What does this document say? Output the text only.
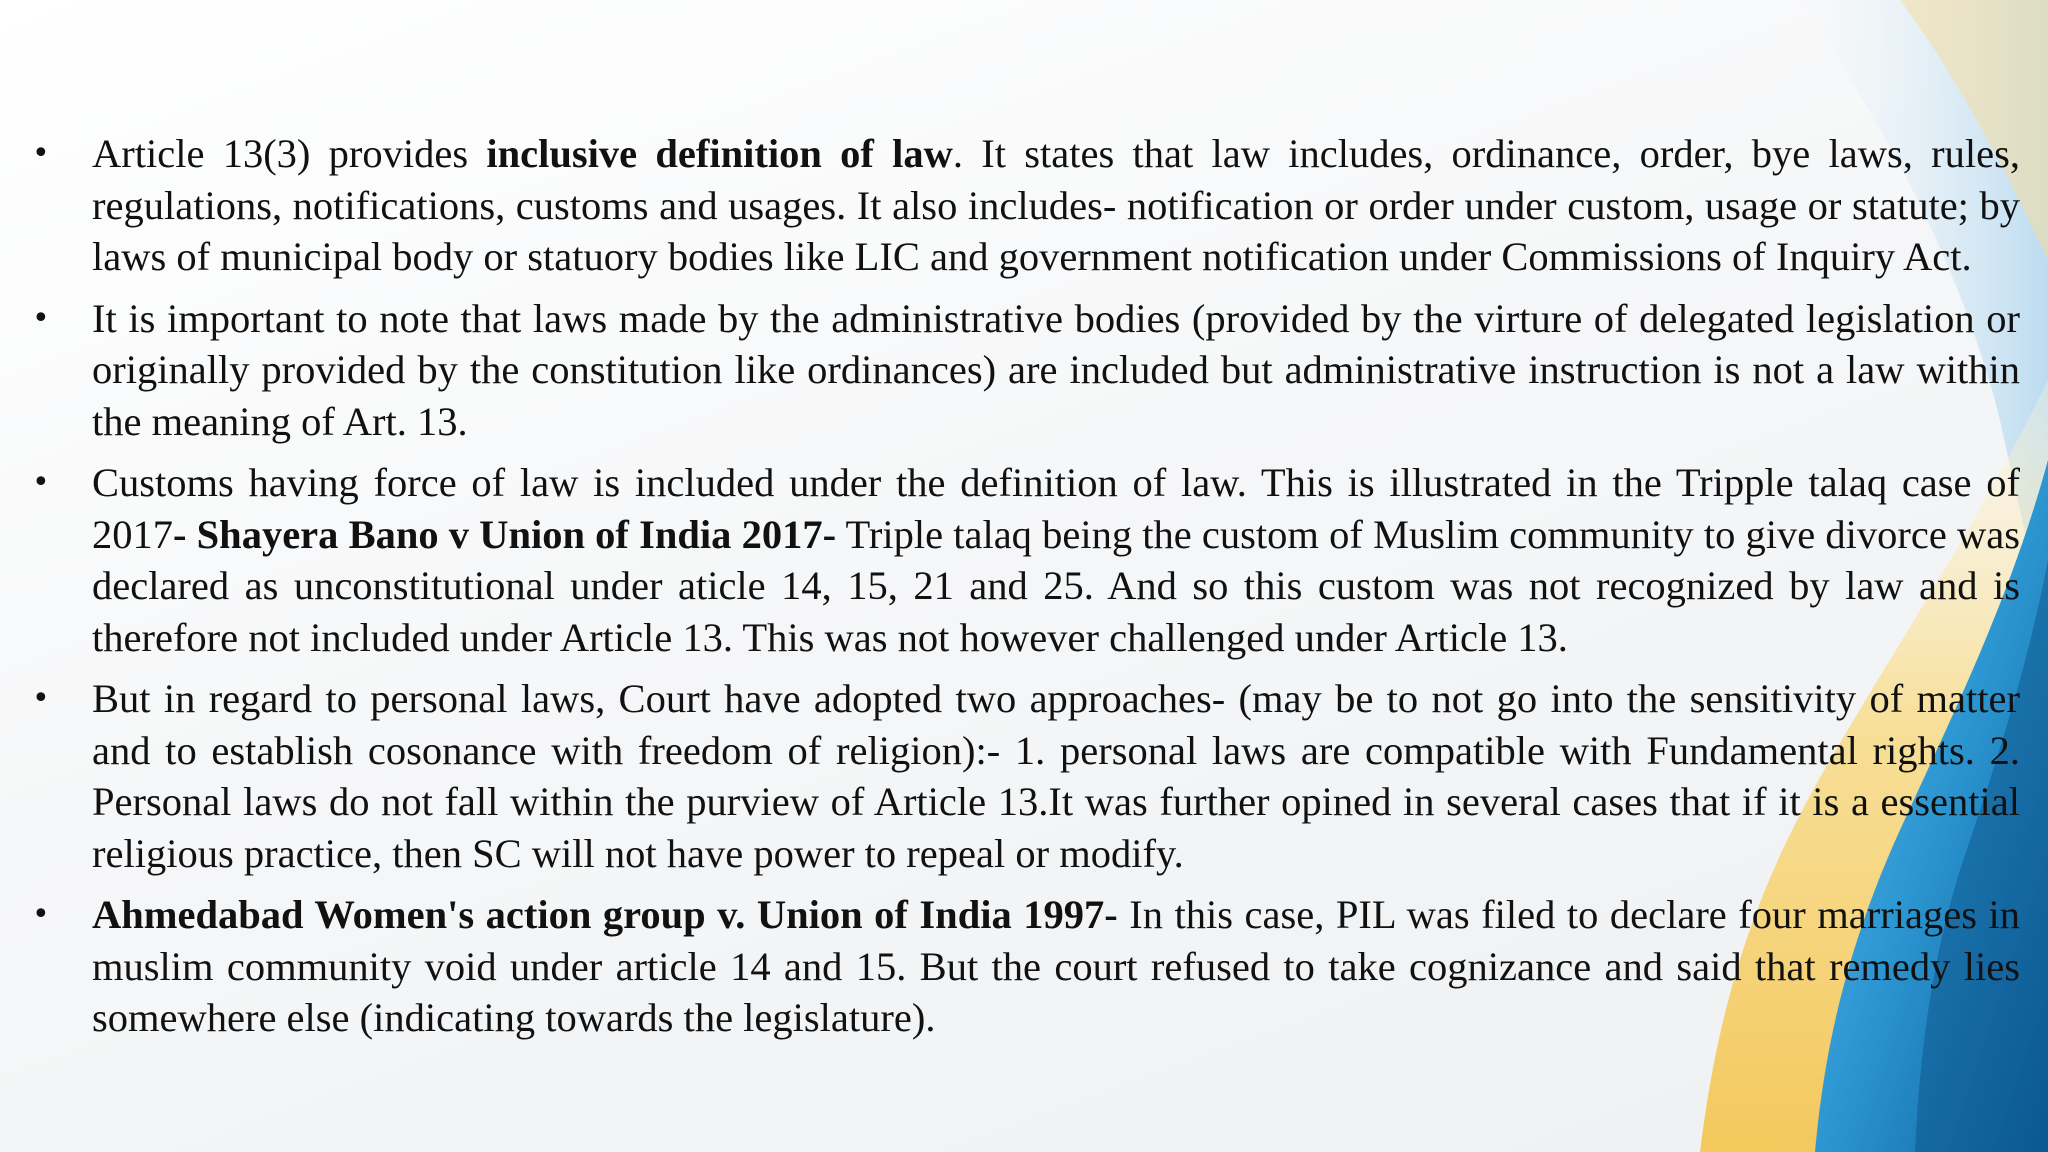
•	Article 13(3) provides inclusive definition of law. It states that law includes, ordinance, order, bye laws, rules, regulations, notifications, customs and usages. It also includes- notification or order under custom, usage or statute; by laws of municipal body or statuory bodies like LIC and government notification under Commissions of Inquiry Act.
•	It is important to note that laws made by the administrative bodies (provided by the virture of delegated legislation or originally provided by the constitution like ordinances) are included but administrative instruction is not a law within the meaning of Art. 13.
•	Customs having force of law is included under the definition of law. This is illustrated in the Tripple talaq case of 2017- Shayera Bano v Union of India 2017- Triple talaq being the custom of Muslim community to give divorce was declared as unconstitutional under aticle 14, 15, 21 and 25. And so this custom was not recognized by law and is therefore not included under Article 13. This was not however challenged under Article 13.
•	But in regard to personal laws, Court have adopted two approaches- (may be to not go into the sensitivity of matter and to establish cosonance with freedom of religion):- 1. personal laws are compatible with Fundamental rights. 2. Personal laws do not fall within the purview of Article 13.It was further opined in several cases that if it is a essential religious practice, then SC will not have power to repeal or modify.
•	Ahmedabad Women's action group v. Union of India 1997- In this case, PIL was filed to declare four marriages in muslim community void under article 14 and 15. But the court refused to take cognizance and said that remedy lies somewhere else (indicating towards the legislature).
